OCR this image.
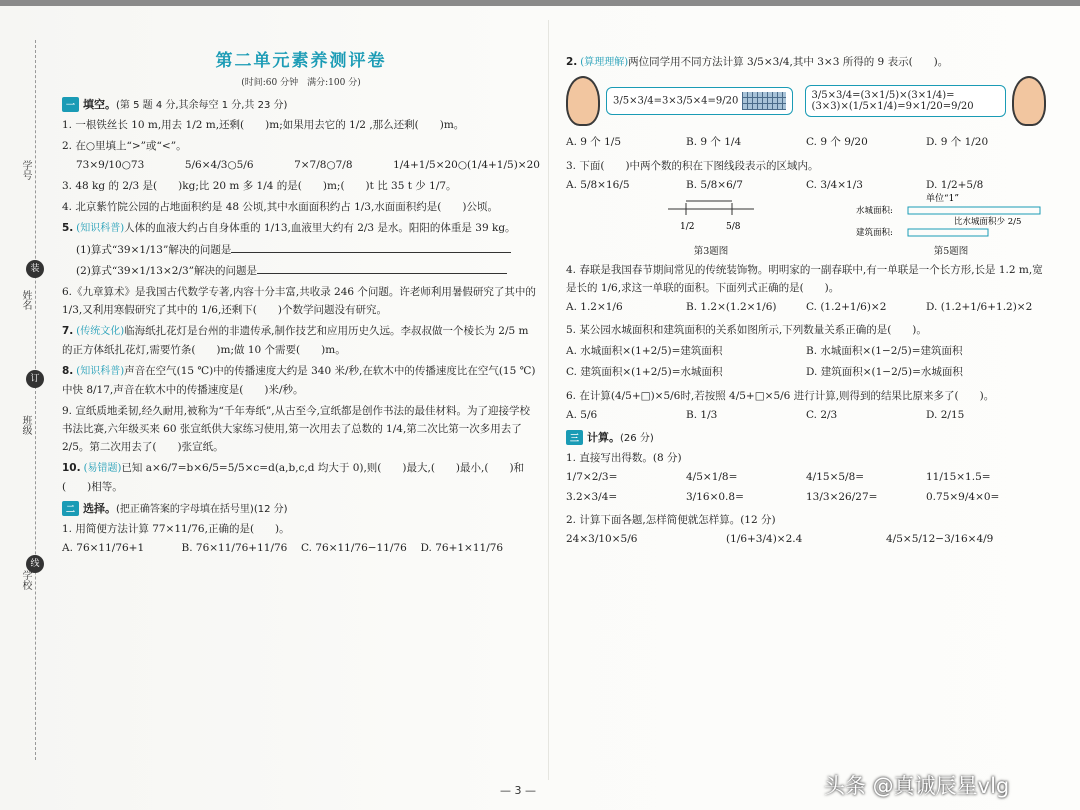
学号
装
姓名
订
班级
线
学校
第二单元素养测评卷
(时间:60 分钟　满分:100 分)
一 填空。(第 5 题 4 分,其余每空 1 分,共 23 分)
1. 一根铁丝长 10 m,用去 1/2 m,还剩(　　)m;如果用去它的 1/2 ,那么还剩(　　)m。
2. 在○里填上“>”或“<”。
73×9/10○73	5/6×4/3○5/6	7×7/8○7/8	1/4+1/5×20○(1/4+1/5)×20
3. 48 kg 的 2/3 是(　　)kg;比 20 m 多 1/4 的是(　　)m;(　　)t 比 35 t 少 1/7。
4. 北京紫竹院公园的占地面积约是 48 公顷,其中水面面积约占 1/3,水面面积约是(　　)公顷。
5. (知识科普)人体的血液大约占自身体重的 1/13,血液里大约有 2/3 是水。阳阳的体重是 39 kg。
(1)算式“39×1/13”解决的问题是
(2)算式“39×1/13×2/3”解决的问题是
6.《九章算术》是我国古代数学专著,内容十分丰富,共收录 246 个问题。许老师利用暑假研究了其中的 1/3,又利用寒假研究了其中的 1/6,还剩下(　　)个数学问题没有研究。
7. (传统文化)临海纸扎花灯是台州的非遗传承,制作技艺和应用历史久远。李叔叔做一个棱长为 2/5 m 的正方体纸扎花灯,需要竹条(　　)m;做 10 个需要(　　)m。
8. (知识科普)声音在空气(15 ℃)中的传播速度大约是 340 米/秒,在软木中的传播速度比在空气(15 ℃)中快 8/17,声音在软木中的传播速度是(　　)米/秒。
9. 宣纸质地柔韧,经久耐用,被称为“千年寿纸”,从古至今,宣纸都是创作书法的最佳材料。为了迎接学校书法比赛,六年级买来 60 张宣纸供大家练习使用,第一次用去了总数的 1/4,第二次比第一次多用去了 2/5。第二次用去了(　　)张宣纸。
10. (易错题)已知 a×6/7=b×6/5=5/5×c=d(a,b,c,d 均大于 0),则(　　)最大,(　　)最小,(　　)和(　　)相等。
二 选择。(把正确答案的字母填在括号里)(12 分)
1. 用简便方法计算 77×11/76,正确的是(　　)。
A. 76×11/76+1	B. 76×11/76+11/76	C. 76×11/76−11/76	D. 76+1×11/76
2. (算理理解)两位同学用不同方法计算 3/5×3/4,其中 3×3 所得的 9 表示(　　)。
3/5×3/4=3×3/5×4=9/20	3/5×3/4=(3×1/5)×(3×1/4)=(3×3)×(1/5×1/4)=9×1/20=9/20
A. 9 个 1/5	B. 9 个 1/4	C. 9 个 9/20	D. 9 个 1/20
3. 下面(　　)中两个数的积在下图线段表示的区域内。
A. 5/8×16/5	B. 5/8×6/7	C. 3/4×1/3	D. 1/2+5/8
1/2	5/8
第3题图
单位“1”
水城面积:
比水城面积少 2/5
建筑面积:
第5题图
4. 春联是我国春节期间常见的传统装饰物。明明家的一副春联中,有一单联是一个长方形,长是 1.2 m,宽是长的 1/6,求这一单联的面积。下面列式正确的是(　　)。
A. 1.2×1/6	B. 1.2×(1.2×1/6)	C. (1.2+1/6)×2	D. (1.2+1/6+1.2)×2
5. 某公园水城面积和建筑面积的关系如图所示,下列数量关系正确的是(　　)。
A. 水城面积×(1+2/5)=建筑面积	B. 水城面积×(1−2/5)=建筑面积
C. 建筑面积×(1+2/5)=水城面积	D. 建筑面积×(1−2/5)=水城面积
6. 在计算(4/5+□)×5/6时,若按照 4/5+□×5/6 进行计算,则得到的结果比原来多了(　　)。
A. 5/6	B. 1/3	C. 2/3	D. 2/15
三 计算。(26 分)
1. 直接写出得数。(8 分)
1/7×2/3=	4/5×1/8=	4/15×5/8=	11/15×1.5=
3.2×3/4=	3/16×0.8=	13/3×26/27=	0.75×9/4×0=
2. 计算下面各题,怎样简便就怎样算。(12 分)
24×3/10×5/6	(1/6+3/4)×2.4	4/5×5/12−3/16×4/9
— 3 —	头条 @真诚辰星vlg
